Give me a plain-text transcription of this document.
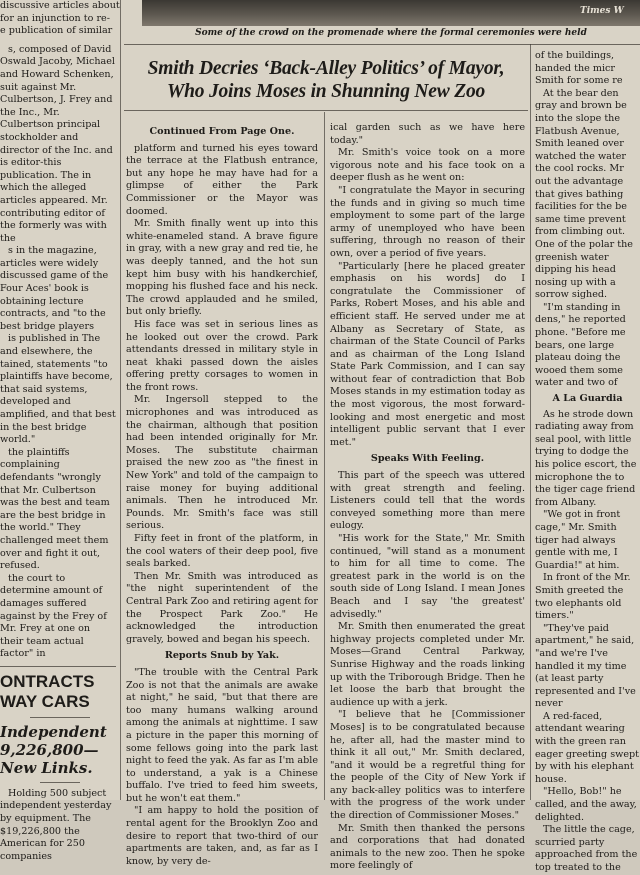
Times W
Some of the crowd on the promenade where the formal ceremonies were held
Smith Decries ‘Back-Alley Politics’ of Mayor,
Who Joins Moses in Shunning New Zoo

discussive articles about

for an injunction to re-

e publication of similar

s, composed of David Oswald Jacoby, Michael and Howard Schenken, suit against Mr. Culbertson, J. Frey and the Inc., Mr. Culbertson principal stockholder and director of the Inc. and is editor-this publication. The in which the alleged articles appeared. Mr. contributing editor of the formerly was with the

s in the magazine, articles were widely discussed game of the Four Aces' book is obtaining lecture contracts, and "to the best bridge players

is published in The and elsewhere, the tained, statements "to plaintiffs have become, that said systems, developed and amplified, and that best in the best bridge world."

the plaintiffs complaining defendants "wrongly that Mr. Culbertson was the best and team are the best bridge in the world." They challenged meet them over and fight it out, refused.

the court to determine amount of damages suffered against by the Frey of Mr. Frey at one on their team actual factor" in

ONTRACTS

WAY CARS

Independent

9,226,800—

New Links.

Holding 500 subject independent yesterday by equipment. The $19,226,800 the American for 250 companies

Continued From Page One.

platform and turned his eyes toward the terrace at the Flatbush entrance, but any hope he may have had for a glimpse of either the Park Commissioner or the Mayor was doomed.

Mr. Smith finally went up into this white-enameled stand. A brave figure in gray, with a new gray and red tie, he was deeply tanned, and the hot sun kept him busy with his handkerchief, mopping his flushed face and his neck. The crowd applauded and he smiled, but only briefly.

His face was set in serious lines as he looked out over the crowd. Park attendants dressed in military style in neat khaki passed down the aisles offering pretty corsages to women in the front rows.

Mr. Ingersoll stepped to the microphones and was introduced as the chairman, although that position had been intended originally for Mr. Moses. The substitute chairman praised the new zoo as "the finest in New York" and told of the campaign to raise money for buying additional animals. Then he introduced Mr. Pounds. Mr. Smith's face was still serious.

Fifty feet in front of the platform, in the cool waters of their deep pool, five seals barked.

Then Mr. Smith was introduced as "the night superintendent of the Central Park Zoo and retiring agent for the Prospect Park Zoo." He acknowledged the introduction gravely, bowed and began his speech.

Reports Snub by Yak.

"The trouble with the Central Park Zoo is not that the animals are awake at night," he said, "but that there are too many humans walking around among the animals at nighttime. I saw a picture in the paper this morning of some fellows going into the park last night to feed the yak. As far as I'm able to understand, a yak is a Chinese buffalo. I've tried to feed him sweets, but he won't eat them."

"I am happy to hold the position of rental agent for the Brooklyn Zoo and desire to report that two-third of our apartments are taken, and, as far as I know, by very de-

ical garden such as we have here today."

Mr. Smith's voice took on a more vigorous note and his face took on a deeper flush as he went on:

"I congratulate the Mayor in securing the funds and in giving so much time employment to some part of the large army of unemployed who have been suffering, through no reason of their own, over a period of five years.

"Particularly [here he placed greater emphasis on his words] do I congratulate the Commissioner of Parks, Robert Moses, and his able and efficient staff. He served under me at Albany as Secretary of State, as chairman of the State Council of Parks and as chairman of the Long Island State Park Commission, and I can say without fear of contradiction that Bob Moses stands in my estimation today as the most vigorous, the most forward-looking and most energetic and most intelligent public servant that I ever met."

Speaks With Feeling.

This part of the speech was uttered with great strength and feeling. Listeners could tell that the words conveyed something more than mere eulogy.

"His work for the State," Mr. Smith continued, "will stand as a monument to him for all time to come. The greatest park in the world is on the south side of Long Island. I mean Jones Beach and I say 'the greatest' advisedly."

Mr. Smith then enumerated the great highway projects completed under Mr. Moses—Grand Central Parkway, Sunrise Highway and the roads linking up with the Triborough Bridge. Then he let loose the barb that brought the audience up with a jerk.

"I believe that he [Commissioner Moses] is to be congratulated because he, after all, had the master mind to think it all out," Mr. Smith declared, "and it would be a regretful thing for the people of the City of New York if any back-alley politics was to interfere with the progress of the work under the direction of Commissioner Moses."

Mr. Smith then thanked the persons and corporations that had donated animals to the new zoo. Then he spoke more feelingly of

of the buildings, handed the micr Smith for some re

At the bear den gray and brown be into the slope the Flatbush Avenue, Smith leaned over watched the water the cool rocks. Mr out the advantage that gives bathing facilities for the be same time prevent from climbing out. One of the polar the greenish water dipping his head nosing up with a sorrow sighed.

"I'm standing in dens," he reported phone. "Before me bears, one large plateau doing the wooed them some water and two of

A La Guardia

As he strode down radiating away from seal pool, with little trying to dodge the his police escort, the microphone the to the tiger cage friend from Albany.

"We got in front cage," Mr. Smith tiger had always gentle with me, I Guardia!" at him.

In front of the Mr. Smith greeted the two elephants old timers."

"They've paid apartment," he said, "and we're I've handled it my time (at least party represented and I've never

A red-faced, attendant wearing with the green ran eager greeting swept by with his elephant house.

"Hello, Bob!" he called, and the away, delighted.

The little the cage, scurried party approached from the top treated to the
